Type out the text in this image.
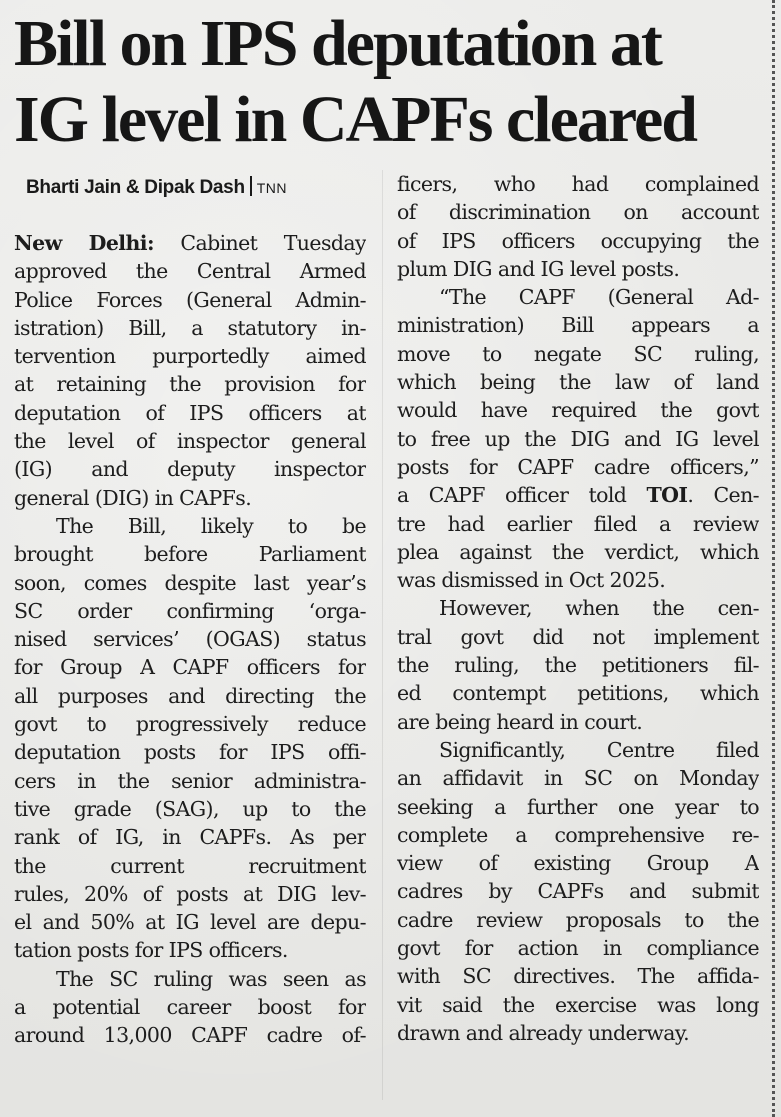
Bill on IPS deputation at
IG level in CAPFs cleared
Bharti Jain & Dipak Dash TNN
New Delhi: Cabinet Tuesday
approved the Central Armed
Police Forces (General Admin-
istration) Bill, a statutory in-
tervention purportedly aimed
at retaining the provision for
deputation of IPS officers at
the level of inspector general
(IG) and deputy inspector
general (DIG) in CAPFs.
The Bill, likely to be
brought before Parliament
soon, comes despite last year’s
SC order confirming ‘orga-
nised services’ (OGAS) status
for Group A CAPF officers for
all purposes and directing the
govt to progressively reduce
deputation posts for IPS offi-
cers in the senior administra-
tive grade (SAG), up to the
rank of IG, in CAPFs. As per
the current recruitment
rules, 20% of posts at DIG lev-
el and 50% at IG level are depu-
tation posts for IPS officers.
The SC ruling was seen as
a potential career boost for
around 13,000 CAPF cadre of-
ficers, who had complained
of discrimination on account
of IPS officers occupying the
plum DIG and IG level posts.
“The CAPF (General Ad-
ministration) Bill appears a
move to negate SC ruling,
which being the law of land
would have required the govt
to free up the DIG and IG level
posts for CAPF cadre officers,”
a CAPF officer told TOI. Cen-
tre had earlier filed a review
plea against the verdict, which
was dismissed in Oct 2025.
However, when the cen-
tral govt did not implement
the ruling, the petitioners fil-
ed contempt petitions, which
are being heard in court.
Significantly, Centre filed
an affidavit in SC on Monday
seeking a further one year to
complete a comprehensive re-
view of existing Group A
cadres by CAPFs and submit
cadre review proposals to the
govt for action in compliance
with SC directives. The affida-
vit said the exercise was long
drawn and already underway.
